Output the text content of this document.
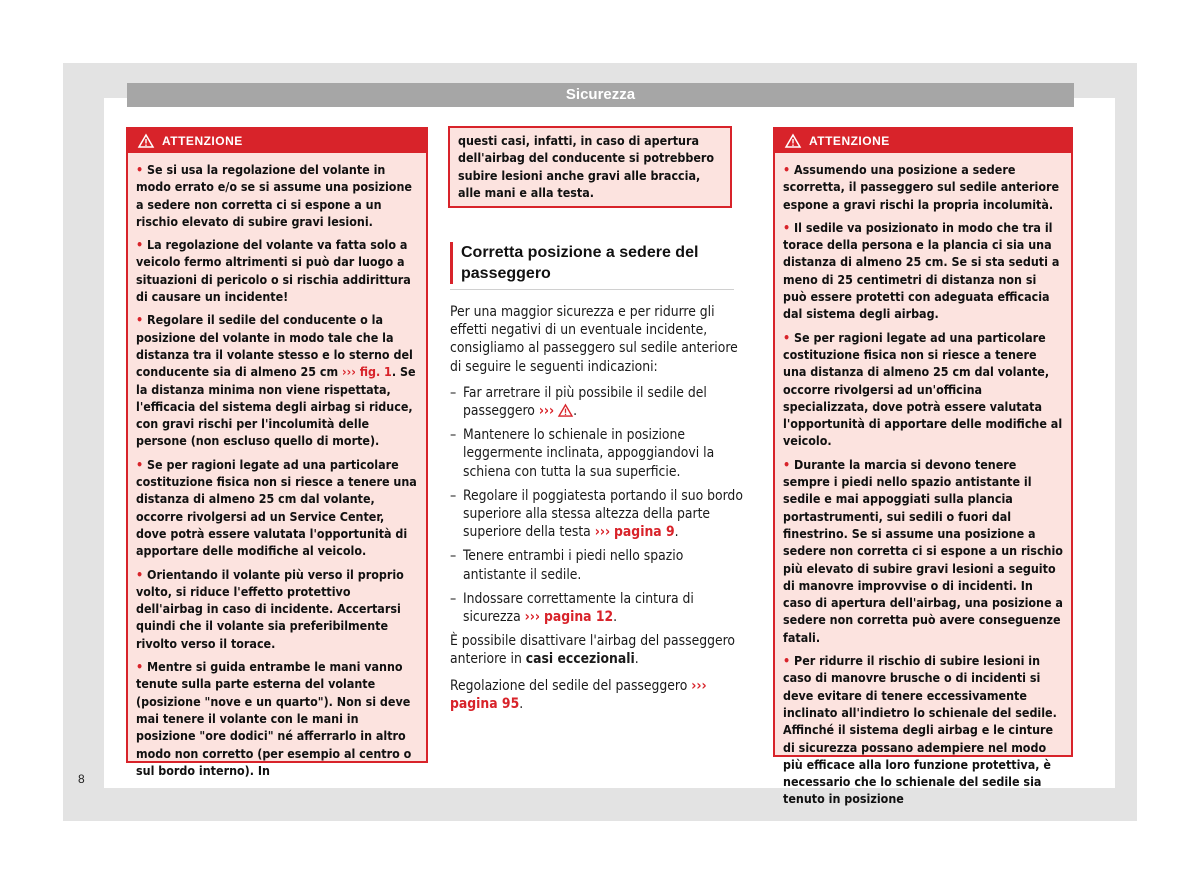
Sicurezza
ATTENZIONE

• Se si usa la regolazione del volante in modo errato e/o se si assume una posizione a sedere non corretta ci si espone a un rischio elevato di subire gravi lesioni.

• La regolazione del volante va fatta solo a veicolo fermo altrimenti si può dar luogo a situazioni di pericolo o si rischia addirittura di causare un incidente!

• Regolare il sedile del conducente o la posizione del volante in modo tale che la distanza tra il volante stesso e lo sterno del conducente sia di almeno 25 cm ››› fig. 1. Se la distanza minima non viene rispettata, l'efficacia del sistema degli airbag si riduce, con gravi rischi per l'incolumità delle persone (non escluso quello di morte).

• Se per ragioni legate ad una particolare costituzione fisica non si riesce a tenere una distanza di almeno 25 cm dal volante, occorre rivolgersi ad un Service Center, dove potrà essere valutata l'opportunità di apportare delle modifiche al veicolo.

• Orientando il volante più verso il proprio volto, si riduce l'effetto protettivo dell'airbag in caso di incidente. Accertarsi quindi che il volante sia preferibilmente rivolto verso il torace.

• Mentre si guida entrambe le mani vanno tenute sulla parte esterna del volante (posizione "nove e un quarto"). Non si deve mai tenere il volante con le mani in posizione "ore dodici" né afferrarlo in altro modo non corretto (per esempio al centro o sul bordo interno). In

questi casi, infatti, in caso di apertura dell'airbag del conducente si potrebbero subire lesioni anche gravi alle braccia, alle mani e alla testa.

Corretta posizione a sedere del passeggero

Per una maggior sicurezza e per ridurre gli effetti negativi di un eventuale incidente, consigliamo al passeggero sul sedile anteriore di seguire le seguenti indicazioni:

– Far arretrare il più possibile il sedile del passeggero ››› .
– Mantenere lo schienale in posizione leggermente inclinata, appoggiandovi la schiena con tutta la sua superficie.
– Regolare il poggiatesta portando il suo bordo superiore alla stessa altezza della parte superiore della testa ››› pagina 9.
– Tenere entrambi i piedi nello spazio antistante il sedile.
– Indossare correttamente la cintura di sicurezza ››› pagina 12.

È possibile disattivare l'airbag del passeggero anteriore in casi eccezionali.

Regolazione del sedile del passeggero ››› pagina 95.

ATTENZIONE

• Assumendo una posizione a sedere scorretta, il passeggero sul sedile anteriore espone a gravi rischi la propria incolumità.

• Il sedile va posizionato in modo che tra il torace della persona e la plancia ci sia una distanza di almeno 25 cm. Se si sta seduti a meno di 25 centimetri di distanza non si può essere protetti con adeguata efficacia dal sistema degli airbag.

• Se per ragioni legate ad una particolare costituzione fisica non si riesce a tenere una distanza di almeno 25 cm dal volante, occorre rivolgersi ad un'officina specializzata, dove potrà essere valutata l'opportunità di apportare delle modifiche al veicolo.

• Durante la marcia si devono tenere sempre i piedi nello spazio antistante il sedile e mai appoggiati sulla plancia portastrumenti, sui sedili o fuori dal finestrino. Se si assume una posizione a sedere non corretta ci si espone a un rischio più elevato di subire gravi lesioni a seguito di manovre improvvise o di incidenti. In caso di apertura dell'airbag, una posizione a sedere non corretta può avere conseguenze fatali.

• Per ridurre il rischio di subire lesioni in caso di manovre brusche o di incidenti si deve evitare di tenere eccessivamente inclinato all'indietro lo schienale del sedile. Affinché il sistema degli airbag e le cinture di sicurezza possano adempiere nel modo più efficace alla loro funzione protettiva, è necessario che lo schienale del sedile sia tenuto in posizione

8
